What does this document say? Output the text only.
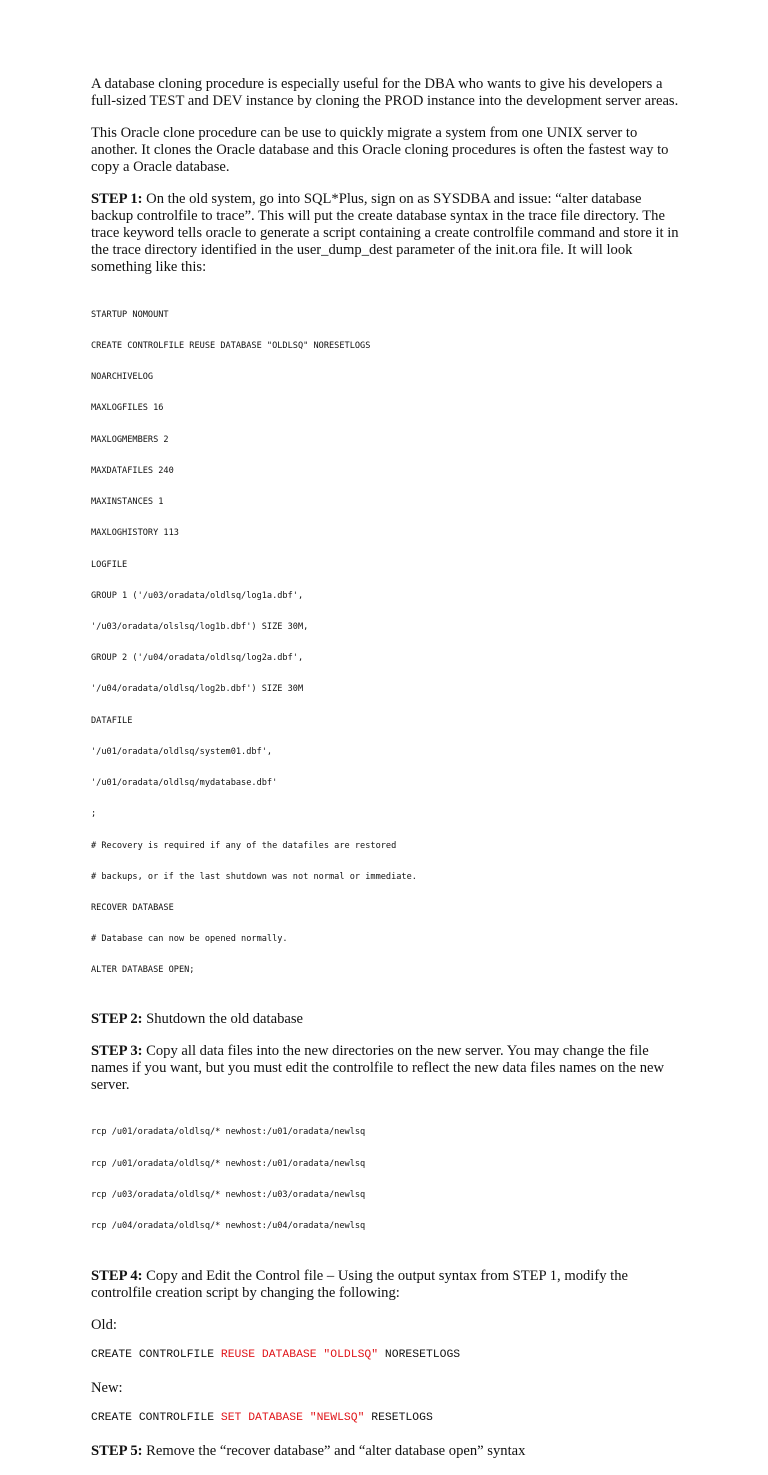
A database cloning procedure is especially useful for the DBA who wants to give his developers a full-sized TEST and DEV instance by cloning the PROD instance into the development server areas.

This Oracle clone procedure can be use to quickly migrate a system from one UNIX server to another. It clones the Oracle database and this Oracle cloning procedures is often the fastest way to copy a Oracle database.

STEP 1: On the old system, go into SQL*Plus, sign on as SYSDBA and issue: “alter database backup controlfile to trace”. This will put the create database syntax in the trace file directory. The trace keyword tells oracle to generate a script containing a create controlfile command and store it in the trace directory identified in the user_dump_dest parameter of the init.ora file. It will look something like this:

STARTUP NOMOUNT

CREATE CONTROLFILE REUSE DATABASE "OLDLSQ" NORESETLOGS

NOARCHIVELOG

MAXLOGFILES 16

MAXLOGMEMBERS 2

MAXDATAFILES 240

MAXINSTANCES 1

MAXLOGHISTORY 113

LOGFILE

GROUP 1 ('/u03/oradata/oldlsq/log1a.dbf',

'/u03/oradata/olslsq/log1b.dbf') SIZE 30M,

GROUP 2 ('/u04/oradata/oldlsq/log2a.dbf',

'/u04/oradata/oldlsq/log2b.dbf') SIZE 30M

DATAFILE

'/u01/oradata/oldlsq/system01.dbf',

'/u01/oradata/oldlsq/mydatabase.dbf'

;

# Recovery is required if any of the datafiles are restored

# backups, or if the last shutdown was not normal or immediate.

RECOVER DATABASE

# Database can now be opened normally.

ALTER DATABASE OPEN;

STEP 2: Shutdown the old database

STEP 3: Copy all data files into the new directories on the new server. You may change the file names if you want, but you must edit the controlfile to reflect the new data files names on the new server.

rcp /u01/oradata/oldlsq/* newhost:/u01/oradata/newlsq

rcp /u01/oradata/oldlsq/* newhost:/u01/oradata/newlsq

rcp /u03/oradata/oldlsq/* newhost:/u03/oradata/newlsq

rcp /u04/oradata/oldlsq/* newhost:/u04/oradata/newlsq

STEP 4: Copy and Edit the Control file – Using the output syntax from STEP 1, modify the controlfile creation script by changing the following:

Old:

CREATE CONTROLFILE REUSE DATABASE "OLDLSQ" NORESETLOGS

New:

CREATE CONTROLFILE SET DATABASE "NEWLSQ" RESETLOGS

STEP 5: Remove the “recover database” and “alter database open” syntax
